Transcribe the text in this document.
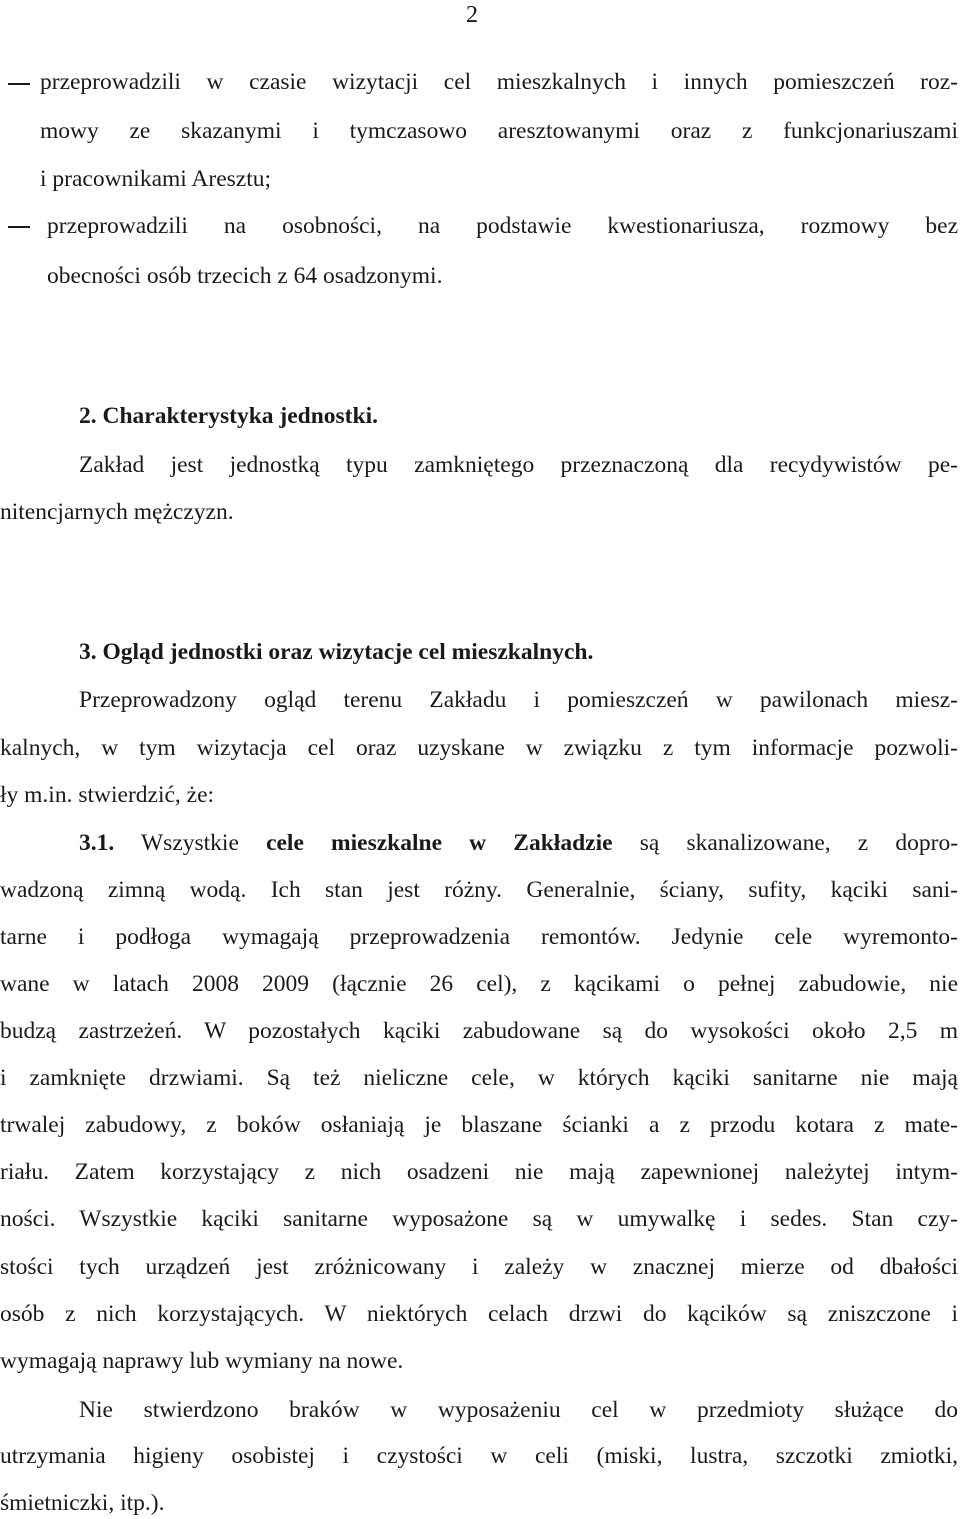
2
przeprowadzili w czasie wizytacji cel mieszkalnych i innych pomieszczeń roz-
mowy ze skazanymi i tymczasowo aresztowanymi oraz z funkcjonariuszami
i pracownikami Aresztu;
przeprowadzili na osobności, na podstawie kwestionariusza, rozmowy bez
obecności osób trzecich z 64 osadzonymi.
2. Charakterystyka jednostki.
Zakład jest jednostką typu zamkniętego przeznaczoną dla recydywistów pe-
nitencjarnych mężczyzn.
3. Ogląd jednostki oraz wizytacje cel mieszkalnych.
Przeprowadzony ogląd terenu Zakładu i pomieszczeń w pawilonach miesz-
kalnych, w tym wizytacja cel oraz uzyskane w związku z tym informacje pozwoli-
ły m.in. stwierdzić, że:
3.1. Wszystkie cele mieszkalne w Zakładzie są skanalizowane, z dopro-
wadzoną zimną wodą. Ich stan jest różny. Generalnie, ściany, sufity, kąciki sani-
tarne i podłoga wymagają przeprowadzenia remontów. Jedynie cele wyremonto-
wane w latach 2008 2009 (łącznie 26 cel), z kącikami o pełnej zabudowie, nie
budzą zastrzeżeń. W pozostałych kąciki zabudowane są do wysokości około 2,5 m
i zamknięte drzwiami. Są też nieliczne cele, w których kąciki sanitarne nie mają
trwalej zabudowy, z boków osłaniają je blaszane ścianki a z przodu kotara z mate-
riału. Zatem korzystający z nich osadzeni nie mają zapewnionej należytej intym-
ności. Wszystkie kąciki sanitarne wyposażone są w umywalkę i sedes. Stan czy-
stości tych urządzeń jest zróżnicowany i zależy w znacznej mierze od dbałości
osób z nich korzystających. W niektórych celach drzwi do kącików są zniszczone i
wymagają naprawy lub wymiany na nowe.
Nie stwierdzono braków w wyposażeniu cel w przedmioty służące do
utrzymania higieny osobistej i czystości w celi (miski, lustra, szczotki zmiotki,
śmietniczki, itp.).
